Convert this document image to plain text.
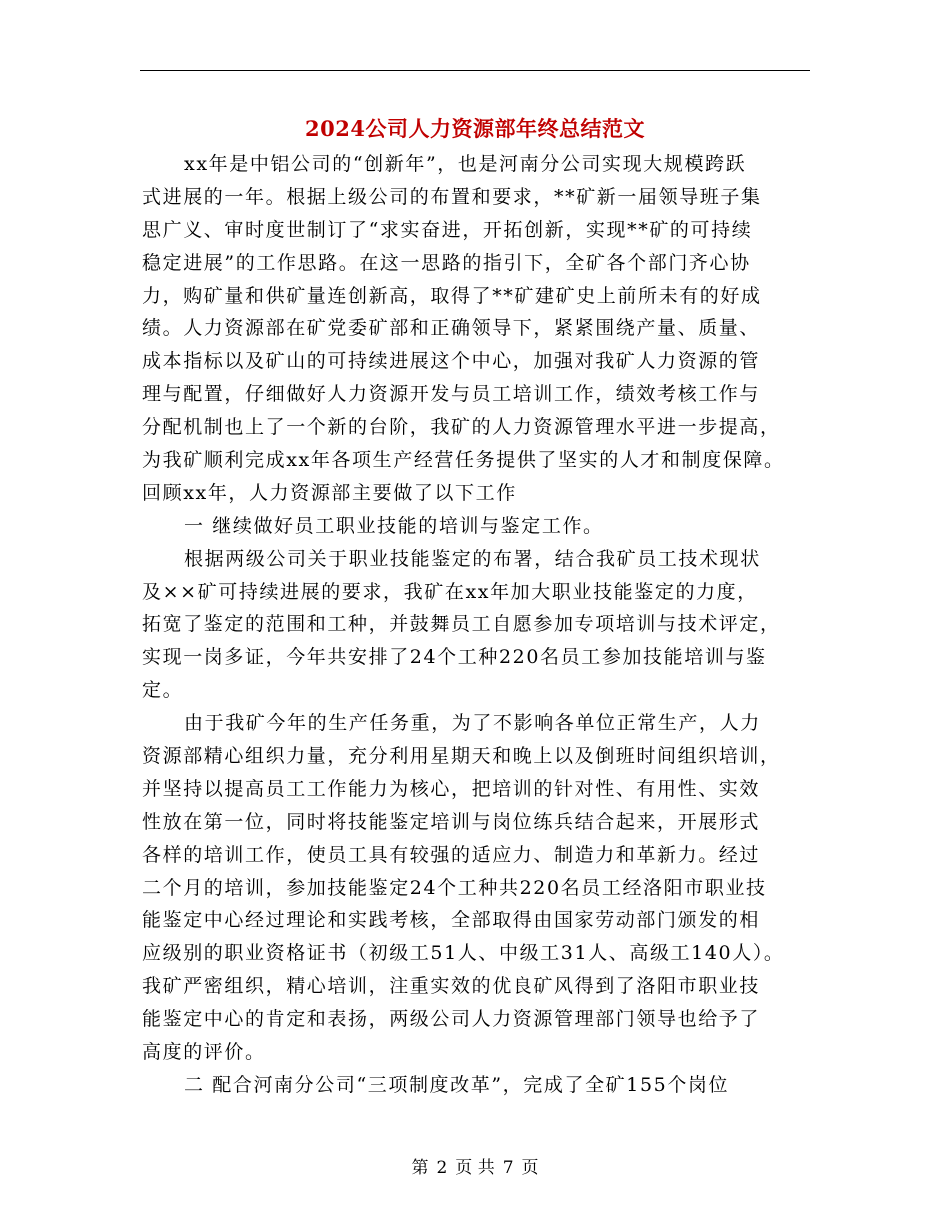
2024公司人力资源部年终总结范文
xx年是中铝公司的“创新年”，也是河南分公司实现大规模跨跃
式进展的一年。根据上级公司的布置和要求，**矿新一届领导班子集
思广义、审时度世制订了“求实奋进，开拓创新，实现**矿的可持续
稳定进展”的工作思路。在这一思路的指引下，全矿各个部门齐心协
力，购矿量和供矿量连创新高，取得了**矿建矿史上前所未有的好成
绩。人力资源部在矿党委矿部和正确领导下，紧紧围绕产量、质量、
成本指标以及矿山的可持续进展这个中心，加强对我矿人力资源的管
理与配置，仔细做好人力资源开发与员工培训工作，绩效考核工作与
分配机制也上了一个新的台阶，我矿的人力资源管理水平进一步提高，
为我矿顺利完成xx年各项生产经营任务提供了坚实的人才和制度保障。
回顾xx年，人力资源部主要做了以下工作
一 继续做好员工职业技能的培训与鉴定工作。
根据两级公司关于职业技能鉴定的布署，结合我矿员工技术现状
及××矿可持续进展的要求，我矿在xx年加大职业技能鉴定的力度，
拓宽了鉴定的范围和工种，并鼓舞员工自愿参加专项培训与技术评定，
实现一岗多证，今年共安排了24个工种220名员工参加技能培训与鉴
定。
由于我矿今年的生产任务重，为了不影响各单位正常生产，人力
资源部精心组织力量，充分利用星期天和晚上以及倒班时间组织培训，
并坚持以提高员工工作能力为核心，把培训的针对性、有用性、实效
性放在第一位，同时将技能鉴定培训与岗位练兵结合起来，开展形式
各样的培训工作，使员工具有较强的适应力、制造力和革新力。经过
二个月的培训，参加技能鉴定24个工种共220名员工经洛阳市职业技
能鉴定中心经过理论和实践考核，全部取得由国家劳动部门颁发的相
应级别的职业资格证书（初级工51人、中级工31人、高级工140人）。
我矿严密组织，精心培训，注重实效的优良矿风得到了洛阳市职业技
能鉴定中心的肯定和表扬，两级公司人力资源管理部门领导也给予了
高度的评价。
二 配合河南分公司“三项制度改革”，完成了全矿155个岗位
第 2 页 共 7 页
